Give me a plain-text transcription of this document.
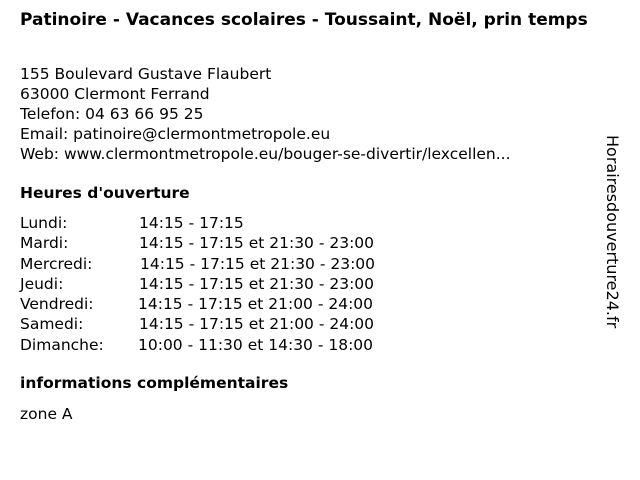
Patinoire - Vacances scolaires - Toussaint, Noël, prin temps
155 Boulevard Gustave Flaubert
63000 Clermont Ferrand
Telefon: 04 63 66 95 25
Email: patinoire@clermontmetropole.eu
Web: www.clermontmetropole.eu/bouger-se-divertir/lexcellen...
Heures d'ouverture
Lundi:	14:15 - 17:15
Mardi:	14:15 - 17:15 et 21:30 - 23:00
Mercredi:	14:15 - 17:15 et 21:30 - 23:00
Jeudi:	14:15 - 17:15 et 21:30 - 23:00
Vendredi:	14:15 - 17:15 et 21:00 - 24:00
Samedi:	14:15 - 17:15 et 21:00 - 24:00
Dimanche: 10:00 - 11:30 et 14:30 - 18:00
informations complémentaires
zone A
Horairesdouverture24.fr
